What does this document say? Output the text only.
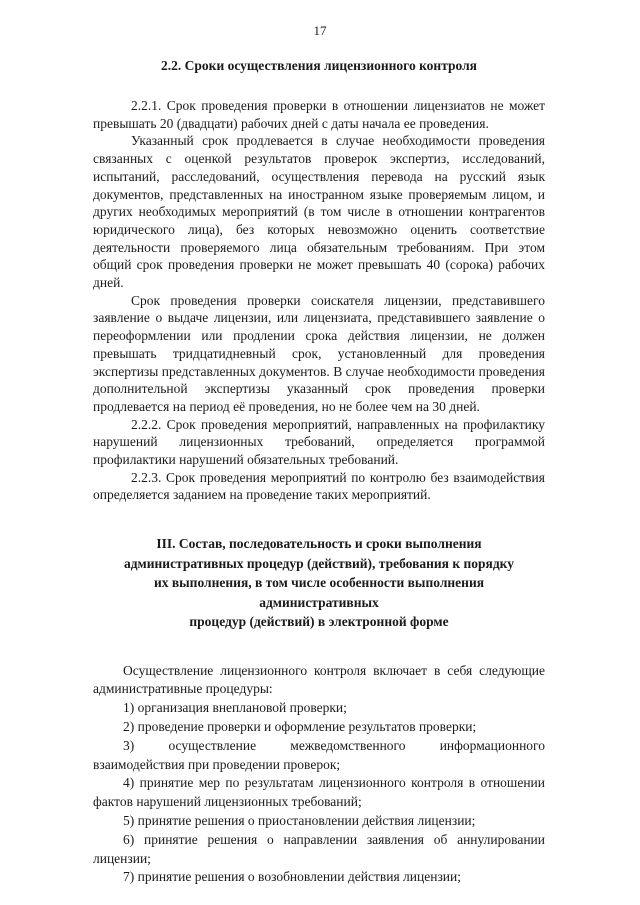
17

2.2. Сроки осуществления лицензионного контроля

2.2.1. Срок проведения проверки в отношении лицензиатов не может превышать 20 (двадцати) рабочих дней с даты начала ее проведения.

Указанный срок продлевается в случае необходимости проведения связанных с оценкой результатов проверок экспертиз, исследований, испытаний, расследований, осуществления перевода на русский язык документов, представленных на иностранном языке проверяемым лицом, и других необходимых мероприятий (в том числе в отношении контрагентов юридического лица), без которых невозможно оценить соответствие деятельности проверяемого лица обязательным требованиям. При этом общий срок проведения проверки не может превышать 40 (сорока) рабочих дней.

Срок проведения проверки соискателя лицензии, представившего заявление о выдаче лицензии, или лицензиата, представившего заявление о переоформлении или продлении срока действия лицензии, не должен превышать тридцатидневный срок, установленный для проведения экспертизы представленных документов. В случае необходимости проведения дополнительной экспертизы указанный срок проведения проверки продлевается на период её проведения, но не более чем на 30 дней.

2.2.2. Срок проведения мероприятий, направленных на профилактику нарушений лицензионных требований, определяется программой профилактики нарушений обязательных требований.

2.2.3. Срок проведения мероприятий по контролю без взаимодействия определяется заданием на проведение таких мероприятий.

III. Состав, последовательность и сроки выполнения

административных процедур (действий), требования к порядку

их выполнения, в том числе особенности выполнения административных

процедур (действий) в электронной форме

Осуществление лицензионного контроля включает в себя следующие административные процедуры:

1) организация внеплановой проверки;

2) проведение проверки и оформление результатов проверки;

3) осуществление межведомственного информационного взаимодействия при проведении проверок;

4) принятие мер по результатам лицензионного контроля в отношении фактов нарушений лицензионных требований;

5) принятие решения о приостановлении действия лицензии;

6) принятие решения о направлении заявления об аннулировании лицензии;

7) принятие решения о возобновлении действия лицензии;
